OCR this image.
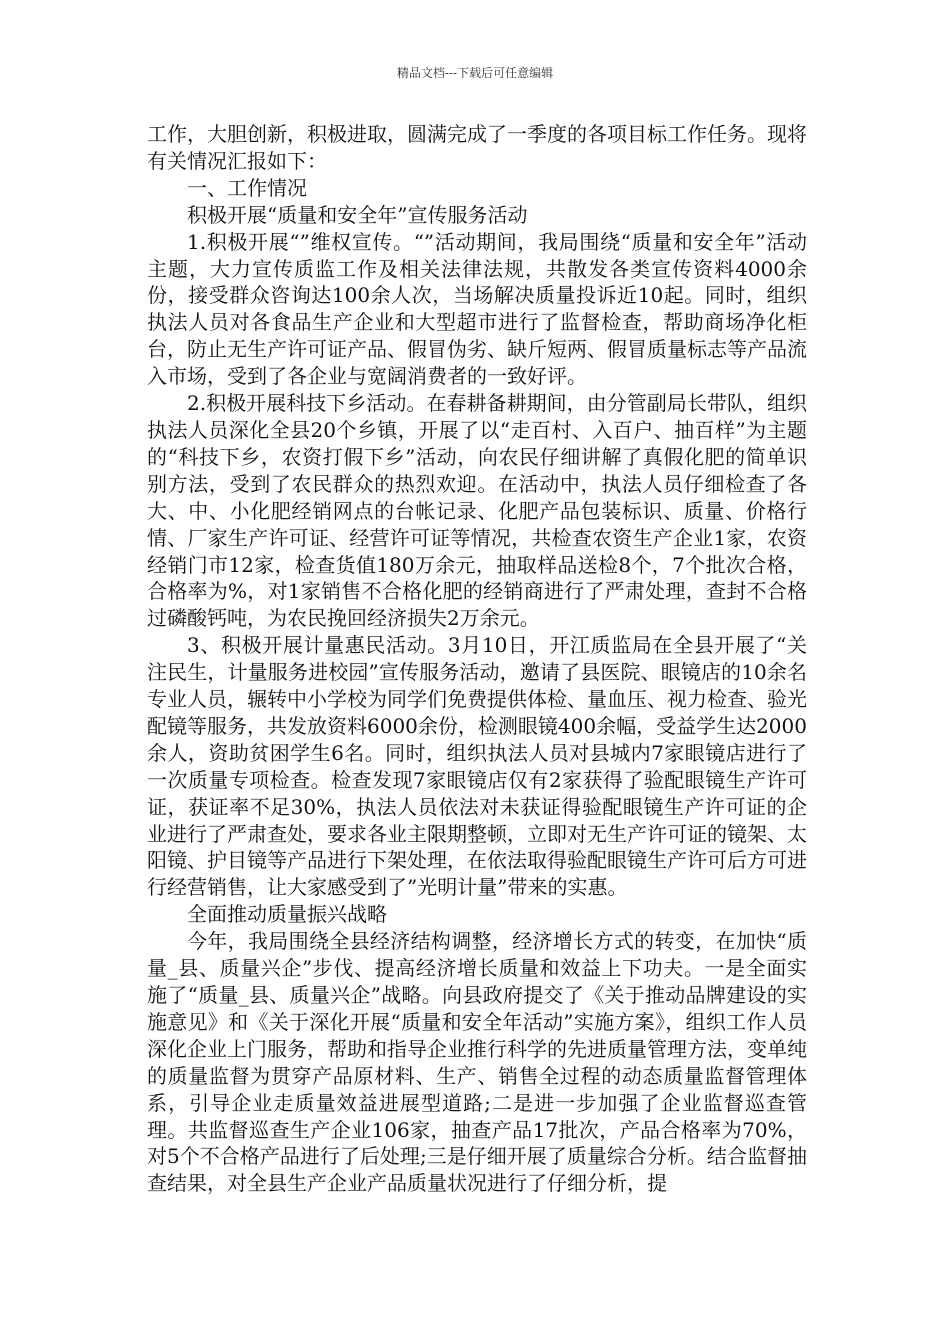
精品文档---下载后可任意编辑

工作，大胆创新，积极进取，圆满完成了一季度的各项目标工作任务。现将有关情况汇报如下：

一、工作情况

积极开展“质量和安全年”宣传服务活动

1.积极开展“”维权宣传。“”活动期间，我局围绕“质量和安全年”活动主题，大力宣传质监工作及相关法律法规，共散发各类宣传资料4000余份，接受群众咨询达100余人次，当场解决质量投诉近10起。同时，组织执法人员对各食品生产企业和大型超市进行了监督检查，帮助商场净化柜台，防止无生产许可证产品、假冒伪劣、缺斤短两、假冒质量标志等产品流入市场，受到了各企业与宽阔消费者的一致好评。

2.积极开展科技下乡活动。在春耕备耕期间，由分管副局长带队，组织执法人员深化全县20个乡镇，开展了以“走百村、入百户、抽百样”为主题的“科技下乡，农资打假下乡”活动，向农民仔细讲解了真假化肥的简单识别方法，受到了农民群众的热烈欢迎。在活动中，执法人员仔细检查了各大、中、小化肥经销网点的台帐记录、化肥产品包装标识、质量、价格行情、厂家生产许可证、经营许可证等情况，共检查农资生产企业1家，农资经销门市12家，检查货值180万余元，抽取样品送检8个，7个批次合格，合格率为%，对1家销售不合格化肥的经销商进行了严肃处理，查封不合格过磷酸钙吨，为农民挽回经济损失2万余元。

3、积极开展计量惠民活动。3月10日，开江质监局在全县开展了“关注民生，计量服务进校园”宣传服务活动，邀请了县医院、眼镜店的10余名专业人员，辗转中小学校为同学们免费提供体检、量血压、视力检查、验光配镜等服务，共发放资料6000余份，检测眼镜400余幅，受益学生达2000余人，资助贫困学生6名。同时，组织执法人员对县城内7家眼镜店进行了一次质量专项检查。检查发现7家眼镜店仅有2家获得了验配眼镜生产许可证，获证率不足30%，执法人员依法对未获证得验配眼镜生产许可证的企业进行了严肃查处，要求各业主限期整顿，立即对无生产许可证的镜架、太阳镜、护目镜等产品进行下架处理，在依法取得验配眼镜生产许可后方可进行经营销售，让大家感受到了”光明计量”带来的实惠。

全面推动质量振兴战略

今年，我局围绕全县经济结构调整，经济增长方式的转变，在加快“质量_县、质量兴企”步伐、提高经济增长质量和效益上下功夫。一是全面实施了“质量_县、质量兴企”战略。向县政府提交了《关于推动品牌建设的实施意见》和《关于深化开展“质量和安全年活动”实施方案》，组织工作人员深化企业上门服务，帮助和指导企业推行科学的先进质量管理方法，变单纯的质量监督为贯穿产品原材料、生产、销售全过程的动态质量监督管理体系，引导企业走质量效益进展型道路;二是进一步加强了企业监督巡查管理。共监督巡查生产企业106家，抽查产品17批次，产品合格率为70%，对5个不合格产品进行了后处理;三是仔细开展了质量综合分析。结合监督抽查结果，对全县生产企业产品质量状况进行了仔细分析，提
